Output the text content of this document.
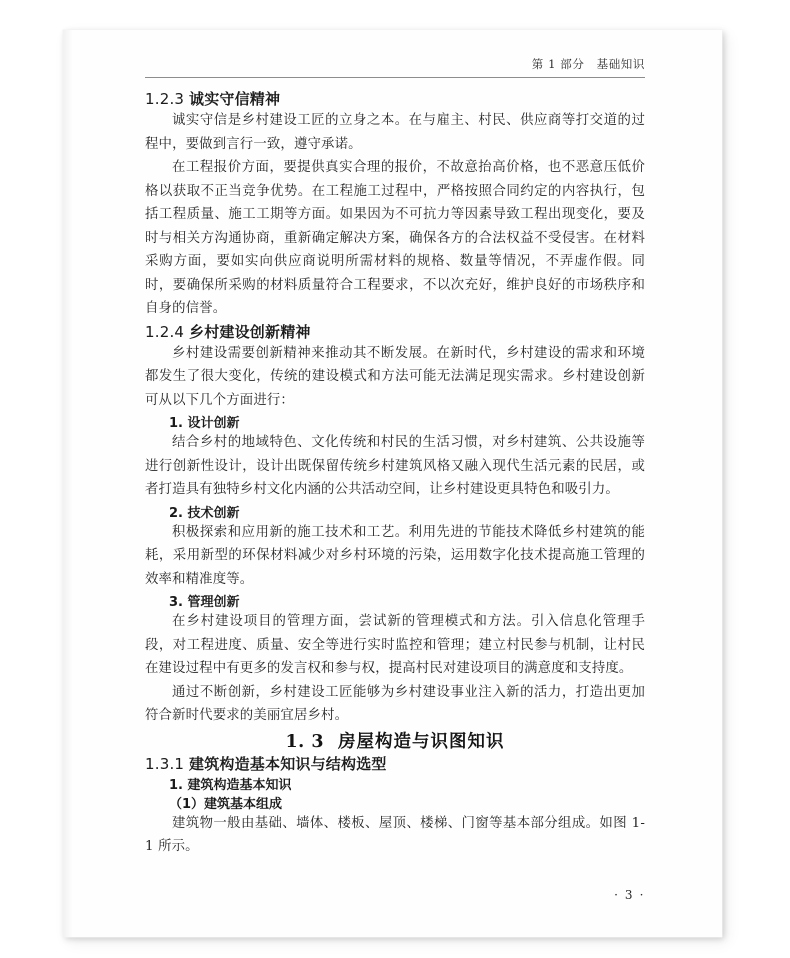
第 1 部分　基础知识
1.2.3 诚实守信精神

诚实守信是乡村建设工匠的立身之本。在与雇主、村民、供应商等打交道的过程中，要做到言行一致，遵守承诺。

在工程报价方面，要提供真实合理的报价，不故意抬高价格，也不恶意压低价格以获取不正当竞争优势。在工程施工过程中，严格按照合同约定的内容执行，包括工程质量、施工工期等方面。如果因为不可抗力等因素导致工程出现变化，要及时与相关方沟通协商，重新确定解决方案，确保各方的合法权益不受侵害。在材料采购方面，要如实向供应商说明所需材料的规格、数量等情况，不弄虚作假。同时，要确保所采购的材料质量符合工程要求，不以次充好，维护良好的市场秩序和自身的信誉。

1.2.4 乡村建设创新精神

乡村建设需要创新精神来推动其不断发展。在新时代，乡村建设的需求和环境都发生了很大变化，传统的建设模式和方法可能无法满足现实需求。乡村建设创新可从以下几个方面进行：

1. 设计创新

结合乡村的地域特色、文化传统和村民的生活习惯，对乡村建筑、公共设施等进行创新性设计，设计出既保留传统乡村建筑风格又融入现代生活元素的民居，或者打造具有独特乡村文化内涵的公共活动空间，让乡村建设更具特色和吸引力。

2. 技术创新

积极探索和应用新的施工技术和工艺。利用先进的节能技术降低乡村建筑的能耗，采用新型的环保材料减少对乡村环境的污染，运用数字化技术提高施工管理的效率和精准度等。

3. 管理创新

在乡村建设项目的管理方面，尝试新的管理模式和方法。引入信息化管理手段，对工程进度、质量、安全等进行实时监控和管理；建立村民参与机制，让村民在建设过程中有更多的发言权和参与权，提高村民对建设项目的满意度和支持度。

通过不断创新，乡村建设工匠能够为乡村建设事业注入新的活力，打造出更加符合新时代要求的美丽宜居乡村。

1. 3 房屋构造与识图知识
1.3.1 建筑构造基本知识与结构选型
1. 建筑构造基本知识
（1）建筑基本组成

建筑物一般由基础、墙体、楼板、屋顶、楼梯、门窗等基本部分组成。如图 1-1 所示。

· 3 ·
